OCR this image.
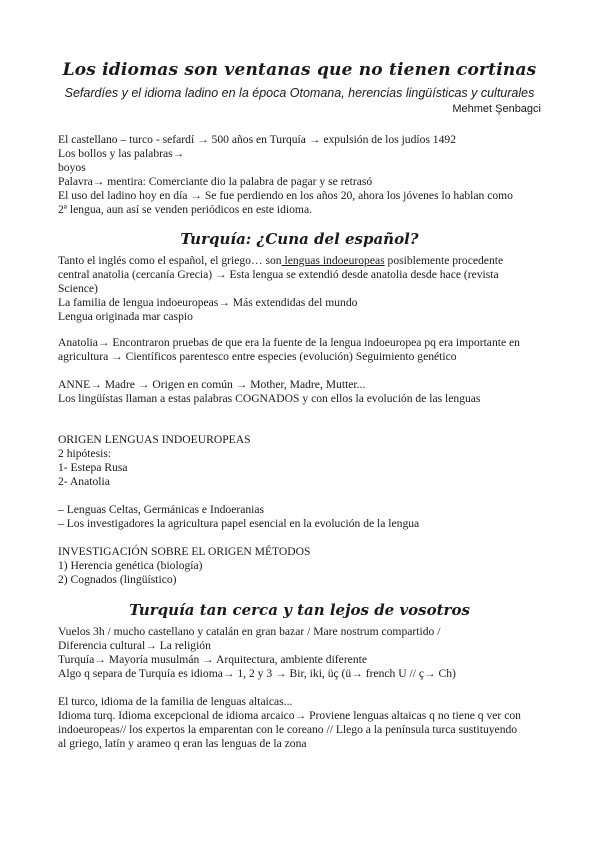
Los idiomas son ventanas que no tienen cortinas

Sefardíes y el idioma ladino en la época Otomana, herencias lingüísticas y culturales

Mehmet Şenbagci

El castellano – turco - sefardí → 500 años en Turquía → expulsión de los judíos 1492

Los bollos y las palabras→

boyos

Palavra→ mentira: Comerciante dio la palabra de pagar y se retrasó

El uso del ladino hoy en día → Se fue perdiendo en los años 20, ahora los jóvenes lo hablan como

2ª lengua, aun así se venden periódicos en este idioma.

Turquía: ¿Cuna del español?

Tanto el inglés como el español, el griego… son lenguas indoeuropeas posiblemente procedente

central anatolia (cercanía Grecia) → Esta lengua se extendió desde anatolia desde hace (revista

Science)

La familia de lengua indoeuropeas→ Más extendidas del mundo

Lengua originada mar caspio

Anatolia→ Encontraron pruebas de que era la fuente de la lengua indoeuropea pq era importante en

agricultura → Científicos parentesco entre especies (evolución) Seguimiento genético

ANNE→ Madre → Origen en común → Mother, Madre, Mutter...

Los lingüístas llaman a estas palabras COGNADOS y con ellos la evolución de las lenguas

ORIGEN LENGUAS INDOEUROPEAS

2 hipótesis:

1- Estepa Rusa

2- Anatolia

– Lenguas Celtas, Germánicas e Indoeranias

– Los investigadores la agricultura papel esencial en la evolución de la lengua

INVESTIGACIÓN SOBRE EL ORIGEN MÉTODOS

1) Herencia genética (biología)

2) Cognados (lingüístico)

Turquía tan cerca y tan lejos de vosotros

Vuelos 3h / mucho castellano y catalán en gran bazar / Mare nostrum compartido /

Diferencia cultural→ La religión

Turquía→ Mayoría musulmán → Arquitectura, ambiente diferente

Algo q separa de Turquía es idioma→ 1, 2 y 3 → Bir, iki, üç (ü→ french U // ç→ Ch)

El turco, idioma de la familia de lenguas altaicas...

Idioma turq. Idioma excepcional de idioma arcaico→ Proviene lenguas altaicas q no tiene q ver con

indoeuropeas// los expertos la emparentan con le coreano // Llego a la península turca sustituyendo

al griego, latín y arameo q eran las lenguas de la zona
